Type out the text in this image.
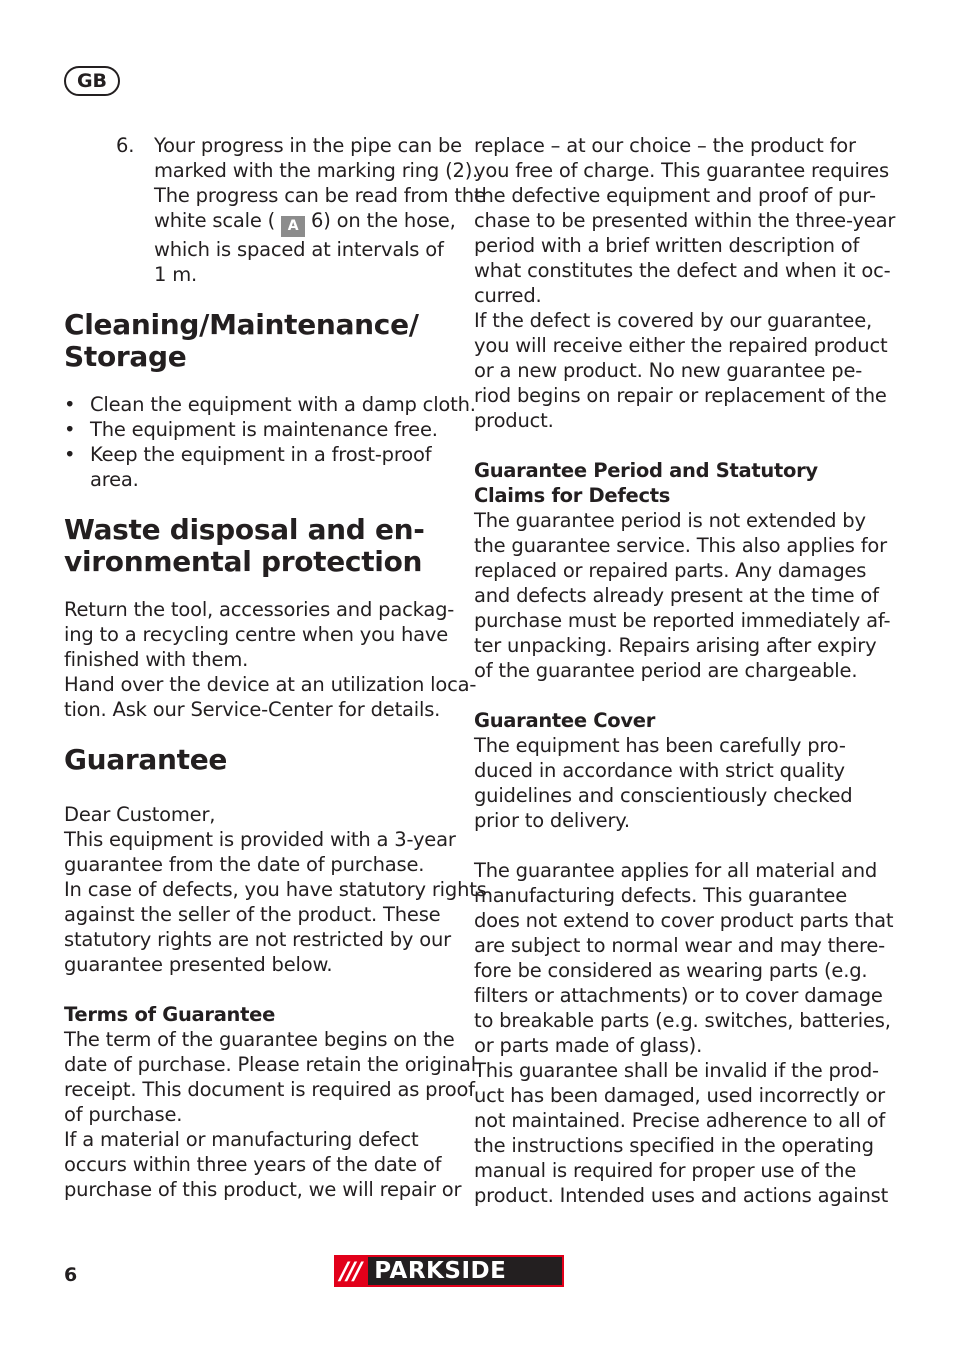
GB
6. Your progress in the pipe can be

marked with the marking ring (2).

The progress can be read from the

white scale ( A 6) on the hose,

which is spaced at intervals of

1 m.

Cleaning/Maintenance/

Storage

• Clean the equipment with a damp cloth.

• The equipment is maintenance free.

• Keep the equipment in a frost-proof

area.

Waste disposal and en-

vironmental protection

Return the tool, accessories and packag-

ing to a recycling centre when you have

finished with them.

Hand over the device at an utilization loca-

tion. Ask our Service-Center for details.

Guarantee

Dear Customer,

This equipment is provided with a 3-year

guarantee from the date of purchase.

In case of defects, you have statutory rights

against the seller of the product. These

statutory rights are not restricted by our

guarantee presented below.

Terms of Guarantee

The term of the guarantee begins on the

date of purchase. Please retain the original

receipt. This document is required as proof

of purchase.

If a material or manufacturing defect

occurs within three years of the date of

purchase of this product, we will repair or

replace – at our choice – the product for

you free of charge. This guarantee requires

the defective equipment and proof of pur-

chase to be presented within the three-year

period with a brief written description of

what constitutes the defect and when it oc-

curred.

If the defect is covered by our guarantee,

you will receive either the repaired product

or a new product. No new guarantee pe-

riod begins on repair or replacement of the

product.

Guarantee Period and Statutory

Claims for Defects

The guarantee period is not extended by

the guarantee service. This also applies for

replaced or repaired parts. Any damages

and defects already present at the time of

purchase must be reported immediately af-

ter unpacking. Repairs arising after expiry

of the guarantee period are chargeable.

Guarantee Cover

The equipment has been carefully pro-

duced in accordance with strict quality

guidelines and conscientiously checked

prior to delivery.

The guarantee applies for all material and

manufacturing defects. This guarantee

does not extend to cover product parts that

are subject to normal wear and may there-

fore be considered as wearing parts (e.g.

filters or attachments) or to cover damage

to breakable parts (e.g. switches, batteries,

or parts made of glass).

This guarantee shall be invalid if the prod-

uct has been damaged, used incorrectly or

not maintained. Precise adherence to all of

the instructions specified in the operating

manual is required for proper use of the

product. Intended uses and actions against

6	/// PARKSIDE
